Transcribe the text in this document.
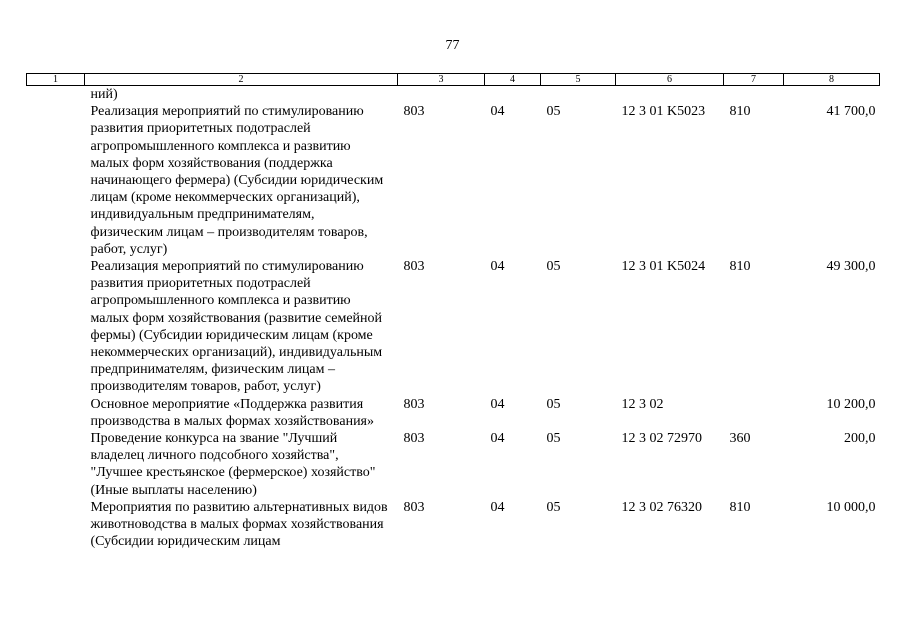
77
1	2	3	4	5	6	7	8
	ний)						
	Реализация мероприятий по стимулированию развития приоритетных подотраслей агропромышленного комплекса и развитию малых форм хозяйствования (поддержка начинающего фермера) (Субсидии юридическим лицам (кроме некоммерческих организаций), индивидуальным предпринимателям, физическим лицам – производителям товаров, работ, услуг)	803	04	05	12 3 01 K5023	810	41 700,0
	Реализация мероприятий по стимулированию развития приоритетных подотраслей агропромышленного комплекса и развитию малых форм хозяйствования (развитие семейной фермы) (Субсидии юридическим лицам (кроме некоммерческих организаций), индивидуальным предпринимателям, физическим лицам – производителям товаров, работ, услуг)	803	04	05	12 3 01 K5024	810	49 300,0
	Основное мероприятие «Поддержка развития производства в малых формах хозяйствования»	803	04	05	12 3 02		10 200,0
	Проведение конкурса на звание "Лучший владелец личного подсобного хозяйства", "Лучшее крестьянское (фермерское) хозяйство" (Иные выплаты населению)	803	04	05	12 3 02 72970	360	200,0
	Мероприятия по развитию альтернативных видов животноводства в малых формах хозяйствования (Субсидии юридическим лицам	803	04	05	12 3 02 76320	810	10 000,0
